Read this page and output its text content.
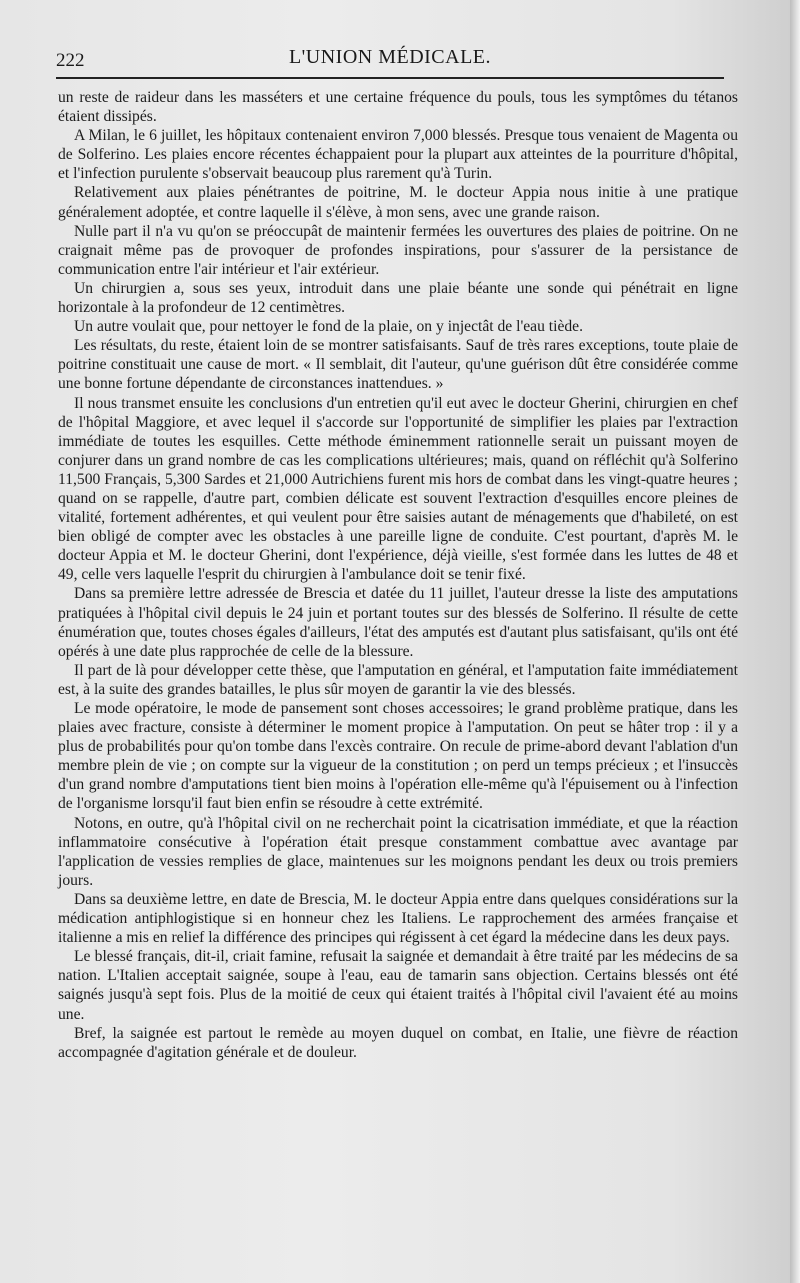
222	L'UNION MÉDICALE.

un reste de raideur dans les masséters et une certaine fréquence du pouls, tous les symptômes du tétanos étaient dissipés.

A Milan, le 6 juillet, les hôpitaux contenaient environ 7,000 blessés. Presque tous venaient de Magenta ou de Solferino. Les plaies encore récentes échappaient pour la plupart aux atteintes de la pourriture d'hôpital, et l'infection purulente s'observait beaucoup plus rarement qu'à Turin.

Relativement aux plaies pénétrantes de poitrine, M. le docteur Appia nous initie à une pratique généralement adoptée, et contre laquelle il s'élève, à mon sens, avec une grande raison.

Nulle part il n'a vu qu'on se préoccupât de maintenir fermées les ouvertures des plaies de poitrine. On ne craignait même pas de provoquer de profondes inspirations, pour s'assurer de la persistance de communication entre l'air intérieur et l'air extérieur.

Un chirurgien a, sous ses yeux, introduit dans une plaie béante une sonde qui pénétrait en ligne horizontale à la profondeur de 12 centimètres.

Un autre voulait que, pour nettoyer le fond de la plaie, on y injectât de l'eau tiède.

Les résultats, du reste, étaient loin de se montrer satisfaisants. Sauf de très rares exceptions, toute plaie de poitrine constituait une cause de mort. « Il semblait, dit l'auteur, qu'une guérison dût être considérée comme une bonne fortune dépendante de circonstances inattendues. »

Il nous transmet ensuite les conclusions d'un entretien qu'il eut avec le docteur Gherini, chirurgien en chef de l'hôpital Maggiore, et avec lequel il s'accorde sur l'opportunité de simplifier les plaies par l'extraction immédiate de toutes les esquilles. Cette méthode éminemment rationnelle serait un puissant moyen de conjurer dans un grand nombre de cas les complications ultérieures; mais, quand on réfléchit qu'à Solferino 11,500 Français, 5,300 Sardes et 21,000 Autrichiens furent mis hors de combat dans les vingt-quatre heures ; quand on se rappelle, d'autre part, combien délicate est souvent l'extraction d'esquilles encore pleines de vitalité, fortement adhérentes, et qui veulent pour être saisies autant de ménagements que d'habileté, on est bien obligé de compter avec les obstacles à une pareille ligne de conduite. C'est pourtant, d'après M. le docteur Appia et M. le docteur Gherini, dont l'expérience, déjà vieille, s'est formée dans les luttes de 48 et 49, celle vers laquelle l'esprit du chirurgien à l'ambulance doit se tenir fixé.

Dans sa première lettre adressée de Brescia et datée du 11 juillet, l'auteur dresse la liste des amputations pratiquées à l'hôpital civil depuis le 24 juin et portant toutes sur des blessés de Solferino. Il résulte de cette énumération que, toutes choses égales d'ailleurs, l'état des amputés est d'autant plus satisfaisant, qu'ils ont été opérés à une date plus rapprochée de celle de la blessure.

Il part de là pour développer cette thèse, que l'amputation en général, et l'amputation faite immédiatement est, à la suite des grandes batailles, le plus sûr moyen de garantir la vie des blessés.

Le mode opératoire, le mode de pansement sont choses accessoires; le grand problème pratique, dans les plaies avec fracture, consiste à déterminer le moment propice à l'amputation. On peut se hâter trop : il y a plus de probabilités pour qu'on tombe dans l'excès contraire. On recule de prime-abord devant l'ablation d'un membre plein de vie ; on compte sur la vigueur de la constitution ; on perd un temps précieux ; et l'insuccès d'un grand nombre d'amputations tient bien moins à l'opération elle-même qu'à l'épuisement ou à l'infection de l'organisme lorsqu'il faut bien enfin se résoudre à cette extrémité.

Notons, en outre, qu'à l'hôpital civil on ne recherchait point la cicatrisation immédiate, et que la réaction inflammatoire consécutive à l'opération était presque constamment combattue avec avantage par l'application de vessies remplies de glace, maintenues sur les moignons pendant les deux ou trois premiers jours.

Dans sa deuxième lettre, en date de Brescia, M. le docteur Appia entre dans quelques considérations sur la médication antiphlogistique si en honneur chez les Italiens. Le rapprochement des armées française et italienne a mis en relief la différence des principes qui régissent à cet égard la médecine dans les deux pays.

Le blessé français, dit-il, criait famine, refusait la saignée et demandait à être traité par les médecins de sa nation. L'Italien acceptait saignée, soupe à l'eau, eau de tamarin sans objection. Certains blessés ont été saignés jusqu'à sept fois. Plus de la moitié de ceux qui étaient traités à l'hôpital civil l'avaient été au moins une.

Bref, la saignée est partout le remède au moyen duquel on combat, en Italie, une fièvre de réaction accompagnée d'agitation générale et de douleur.
